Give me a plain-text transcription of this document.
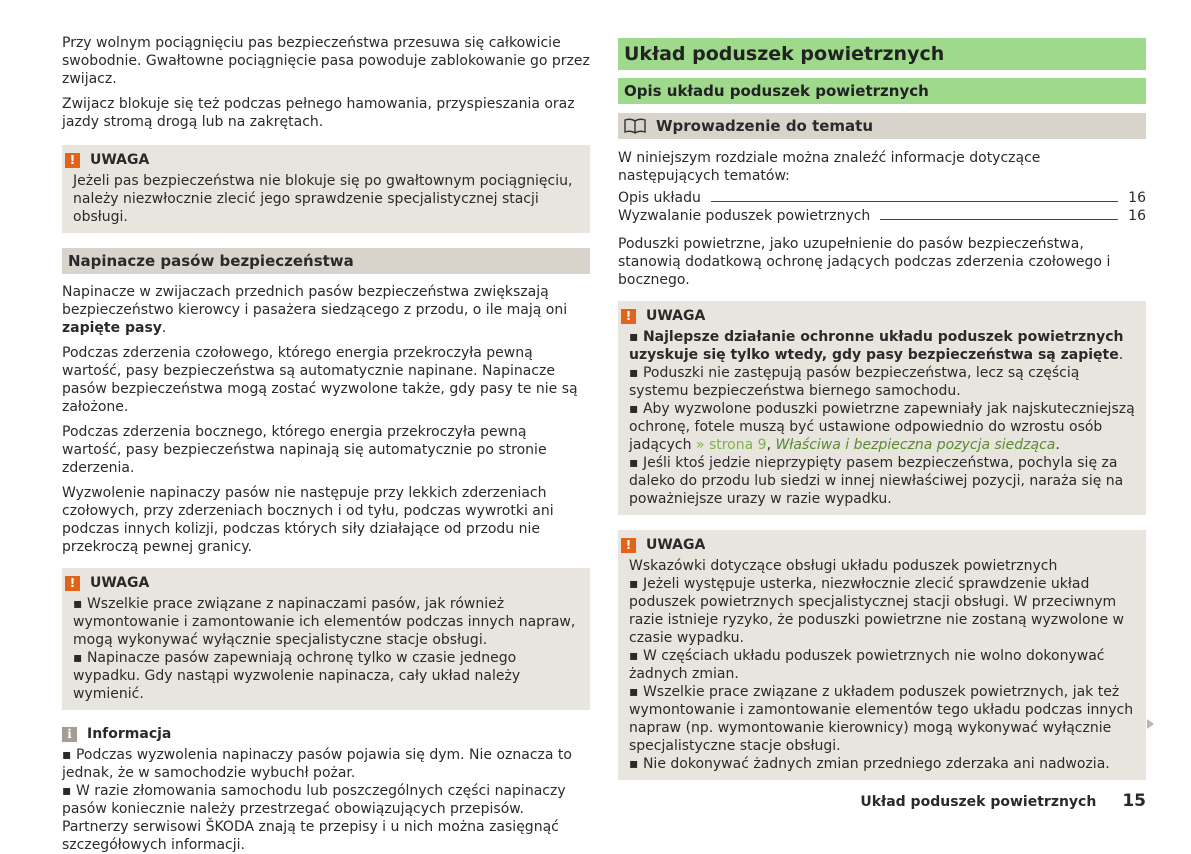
Przy wolnym pociągnięciu pas bezpieczeństwa przesuwa się całkowicie swobodnie. Gwałtowne pociągnięcie pasa powoduje zablokowanie go przez zwijacz.

Zwijacz blokuje się też podczas pełnego hamowania, przyspieszania oraz jazdy stromą drogą lub na zakrętach.

!	UWAGA
Jeżeli pas bezpieczeństwa nie blokuje się po gwałtownym pociągnięciu, należy niezwłocznie zlecić jego sprawdzenie specjalistycznej stacji obsługi.
Napinacze pasów bezpieczeństwa

Napinacze w zwijaczach przednich pasów bezpieczeństwa zwiększają bezpieczeństwo kierowcy i pasażera siedzącego z przodu, o ile mają oni zapięte pasy.

Podczas zderzenia czołowego, którego energia przekroczyła pewną wartość, pasy bezpieczeństwa są automatycznie napinane. Napinacze pasów bezpieczeństwa mogą zostać wyzwolone także, gdy pasy te nie są założone.

Podczas zderzenia bocznego, którego energia przekroczyła pewną wartość, pasy bezpieczeństwa napinają się automatycznie po stronie zderzenia.

Wyzwolenie napinaczy pasów nie następuje przy lekkich zderzeniach czołowych, przy zderzeniach bocznych i od tyłu, podczas wywrotki ani podczas innych kolizji, podczas których siły działające od przodu nie przekroczą pewnej granicy.

!	UWAGA
▪ Wszelkie prace związane z napinaczami pasów, jak również wymontowanie i zamontowanie ich elementów podczas innych napraw, mogą wykonywać wyłącznie specjalistyczne stacje obsługi.
▪ Napinacze pasów zapewniają ochronę tylko w czasie jednego wypadku. Gdy nastąpi wyzwolenie napinacza, cały układ należy wymienić.
i	Informacja
▪ Podczas wyzwolenia napinaczy pasów pojawia się dym. Nie oznacza to jednak, że w samochodzie wybuchł pożar.
▪ W razie złomowania samochodu lub poszczególnych części napinaczy pasów koniecznie należy przestrzegać obowiązujących przepisów. Partnerzy serwisowi ŠKODA znają te przepisy i u nich można zasięgnąć szczegółowych informacji.
Układ poduszek powietrznych
Opis układu poduszek powietrznych
Wprowadzenie do tematu

W niniejszym rozdziale można znaleźć informacje dotyczące następujących tematów:

Opis układu	16
Wyzwalanie poduszek powietrznych	16

Poduszki powietrzne, jako uzupełnienie do pasów bezpieczeństwa, stanowią dodatkową ochronę jadących podczas zderzenia czołowego i bocznego.

!	UWAGA
▪ Najlepsze działanie ochronne układu poduszek powietrznych uzyskuje się tylko wtedy, gdy pasy bezpieczeństwa są zapięte.
▪ Poduszki nie zastępują pasów bezpieczeństwa, lecz są częścią systemu bezpieczeństwa biernego samochodu.
▪ Aby wyzwolone poduszki powietrzne zapewniały jak najskuteczniejszą ochronę, fotele muszą być ustawione odpowiednio do wzrostu osób jadących » strona 9, Właściwa i bezpieczna pozycja siedząca.
▪ Jeśli ktoś jedzie nieprzypięty pasem bezpieczeństwa, pochyla się za daleko do przodu lub siedzi w innej niewłaściwej pozycji, naraża się na poważniejsze urazy w razie wypadku.
!	UWAGA
Wskazówki dotyczące obsługi układu poduszek powietrznych
▪ Jeżeli występuje usterka, niezwłocznie zlecić sprawdzenie układ poduszek powietrznych specjalistycznej stacji obsługi. W przeciwnym razie istnieje ryzyko, że poduszki powietrzne nie zostaną wyzwolone w czasie wypadku.
▪ W częściach układu poduszek powietrznych nie wolno dokonywać żadnych zmian.
▪ Wszelkie prace związane z układem poduszek powietrznych, jak też wymontowanie i zamontowanie elementów tego układu podczas innych napraw (np. wymontowanie kierownicy) mogą wykonywać wyłącznie specjalistyczne stacje obsługi.
▪ Nie dokonywać żadnych zmian przedniego zderzaka ani nadwozia.
Układ poduszek powietrznych 15
